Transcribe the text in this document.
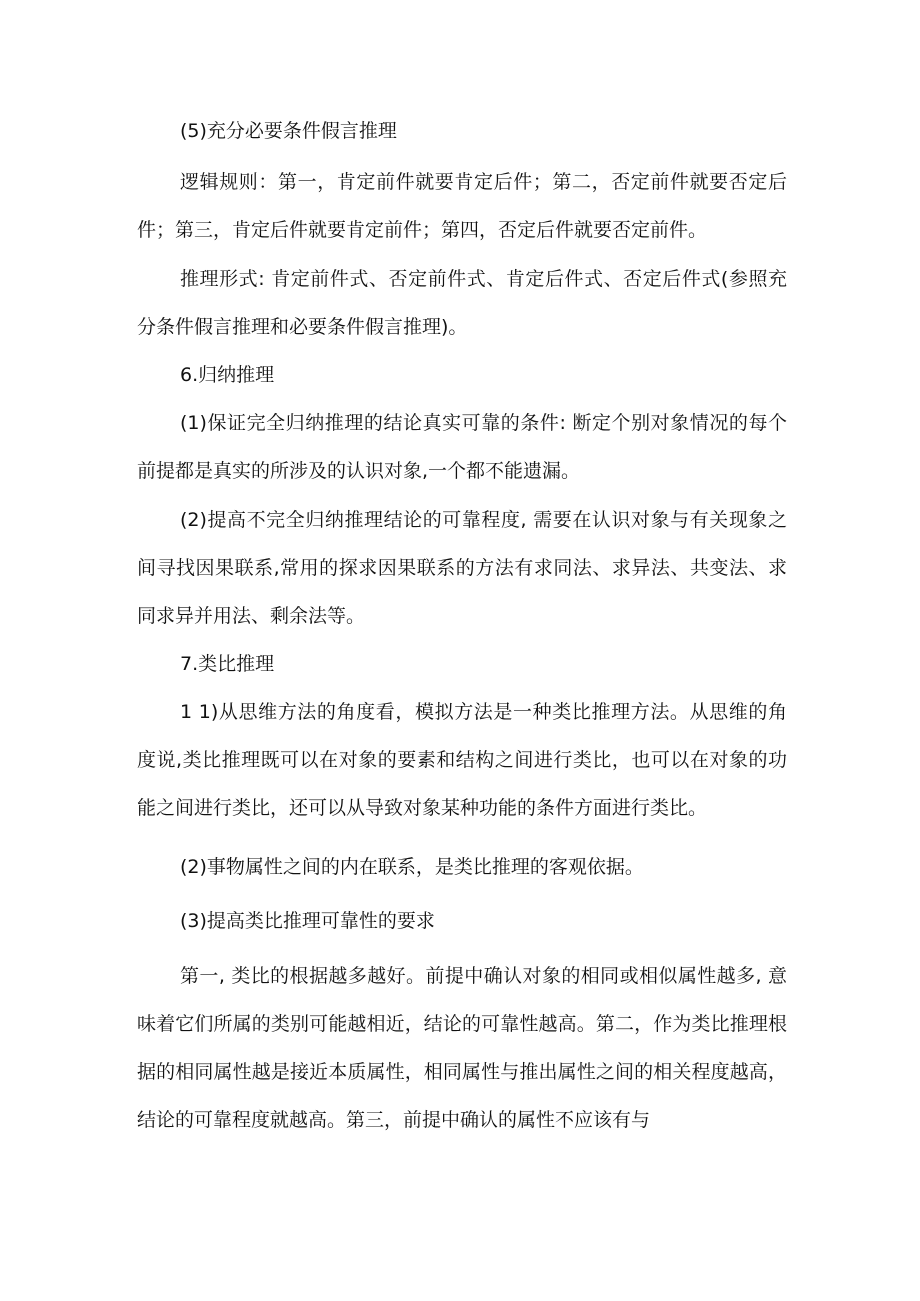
(5)充分必要条件假言推理

逻辑规则：第一，肯定前件就要肯定后件；第二，否定前件就要否定后件；第三，肯定后件就要肯定前件；第四，否定后件就要否定前件。

推理形式: 肯定前件式、否定前件式、肯定后件式、否定后件式(参照充分条件假言推理和必要条件假言推理)。

6.归纳推理

(1)保证完全归纳推理的结论真实可靠的条件: 断定个别对象情况的每个前提都是真实的所涉及的认识对象,一个都不能遗漏。

(2)提高不完全归纳推理结论的可靠程度, 需要在认识对象与有关现象之间寻找因果联系,常用的探求因果联系的方法有求同法、求异法、共变法、求同求异并用法、剩余法等。

7.类比推理

1 1)从思维方法的角度看，模拟方法是一种类比推理方法。从思维的角度说,类比推理既可以在对象的要素和结构之间进行类比，也可以在对象的功能之间进行类比，还可以从导致对象某种功能的条件方面进行类比。

(2)事物属性之间的内在联系，是类比推理的客观依据。

(3)提高类比推理可靠性的要求

第一, 类比的根据越多越好。前提中确认对象的相同或相似属性越多, 意味着它们所属的类别可能越相近，结论的可靠性越高。第二，作为类比推理根据的相同属性越是接近本质属性，相同属性与推出属性之间的相关程度越高，结论的可靠程度就越高。第三，前提中确认的属性不应该有与
